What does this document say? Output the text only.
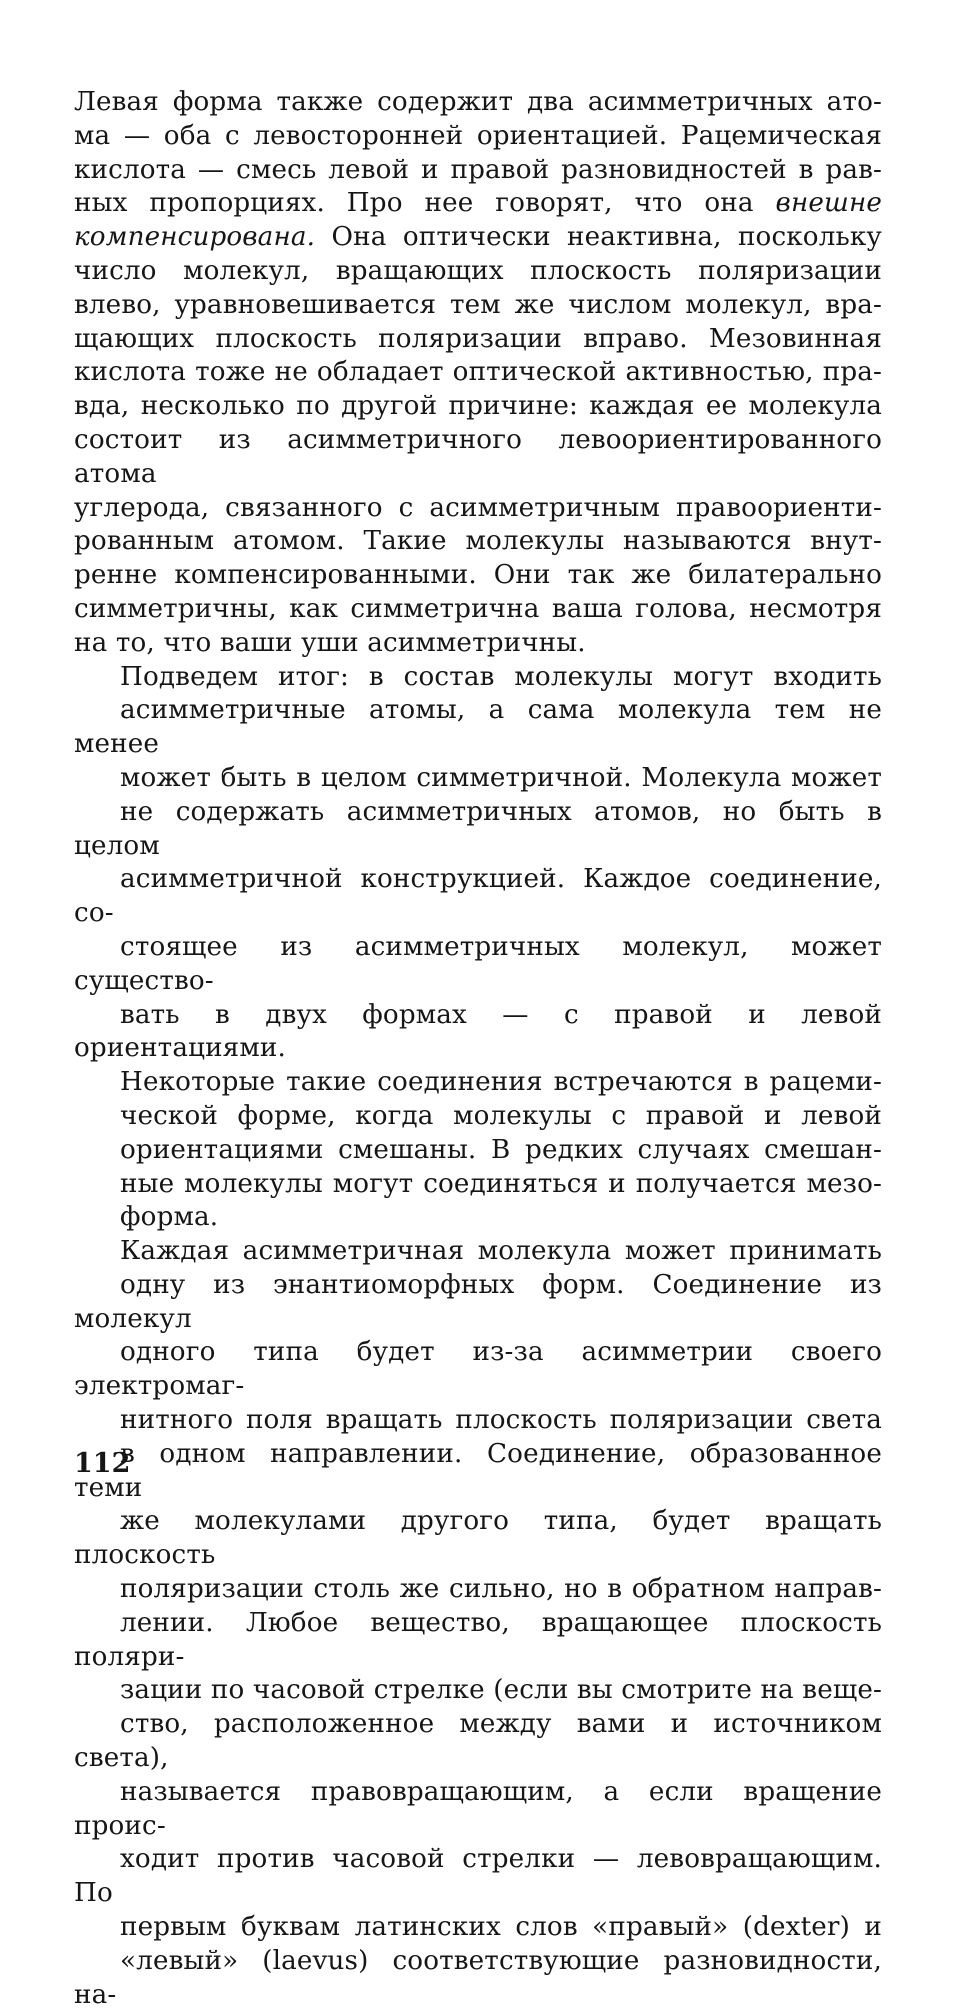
Левая форма также содержит два асимметричных ато-
ма — оба с левосторонней ориентацией. Рацемическая
кислота — смесь левой и правой разновидностей в рав-
ных пропорциях. Про нее говорят, что она внешне
компенсирована. Она оптически неактивна, поскольку
число молекул, вращающих плоскость поляризации
влево, уравновешивается тем же числом молекул, вра-
щающих плоскость поляризации вправо. Мезовинная
кислота тоже не обладает оптической активностью, пра-
вда, несколько по другой причине: каждая ее молекула
состоит из асимметричного левоориентированного атома
углерода, связанного с асимметричным правоориенти-
рованным атомом. Такие молекулы называются внут-
ренне компенсированными. Они так же билатерально
симметричны, как симметрична ваша голова, несмотря
на то, что ваши уши асимметричны.

Подведем итог: в состав молекулы могут входить
асимметричные атомы, а сама молекула тем не менее
может быть в целом симметричной. Молекула может
не содержать асимметричных атомов, но быть в целом
асимметричной конструкцией. Каждое соединение, со-
стоящее из асимметричных молекул, может существо-
вать в двух формах — с правой и левой ориентациями.
Некоторые такие соединения встречаются в рацеми-
ческой форме, когда молекулы с правой и левой
ориентациями смешаны. В редких случаях смешан-
ные молекулы могут соединяться и получается мезо-
форма.

Каждая асимметричная молекула может принимать
одну из энантиоморфных форм. Соединение из молекул
одного типа будет из-за асимметрии своего электромаг-
нитного поля вращать плоскость поляризации света
в одном направлении. Соединение, образованное теми
же молекулами другого типа, будет вращать плоскость
поляризации столь же сильно, но в обратном направ-
лении. Любое вещество, вращающее плоскость поляри-
зации по часовой стрелке (если вы смотрите на веще-
ство, расположенное между вами и источником света),
называется правовращающим, а если вращение проис-
ходит против часовой стрелки — левовращающим. По
первым буквам латинских слов «правый» (dexter) и
«левый» (laevus) соответствующие разновидности, на-

112
